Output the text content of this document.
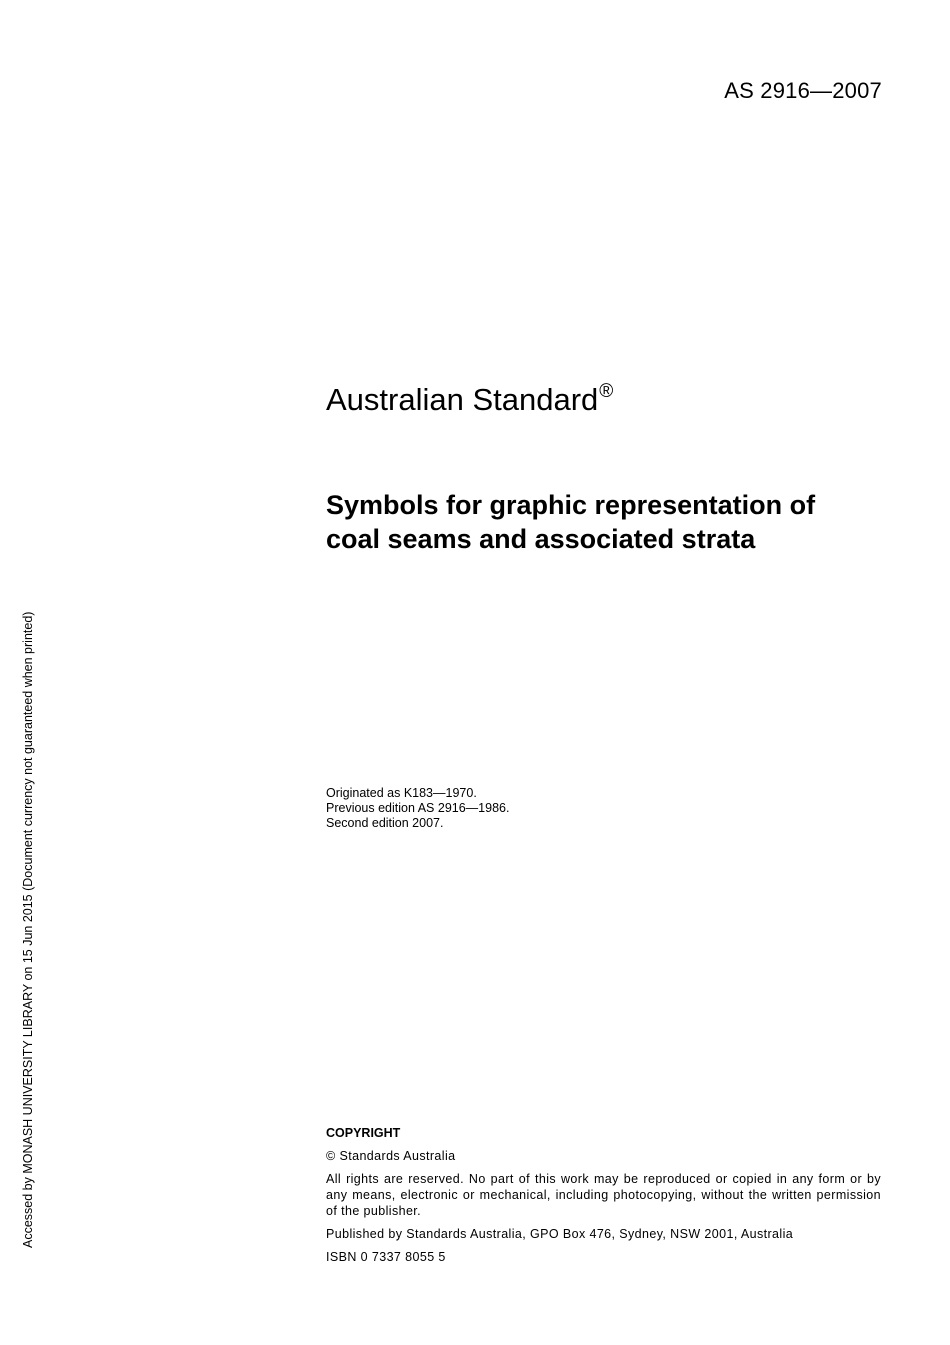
AS 2916—2007
Australian Standard®
Symbols for graphic representation of
coal seams and associated strata
Originated as K183—1970.
Previous edition AS 2916—1986.
Second edition 2007.
COPYRIGHT

© Standards Australia

All rights are reserved. No part of this work may be reproduced or copied in any form or by any means, electronic or mechanical, including photocopying, without the written permission of the publisher.

Published by Standards Australia, GPO Box 476, Sydney, NSW 2001, Australia

ISBN 0 7337 8055 5

Accessed by MONASH UNIVERSITY LIBRARY on 15 Jun 2015 (Document currency not guaranteed when printed)
